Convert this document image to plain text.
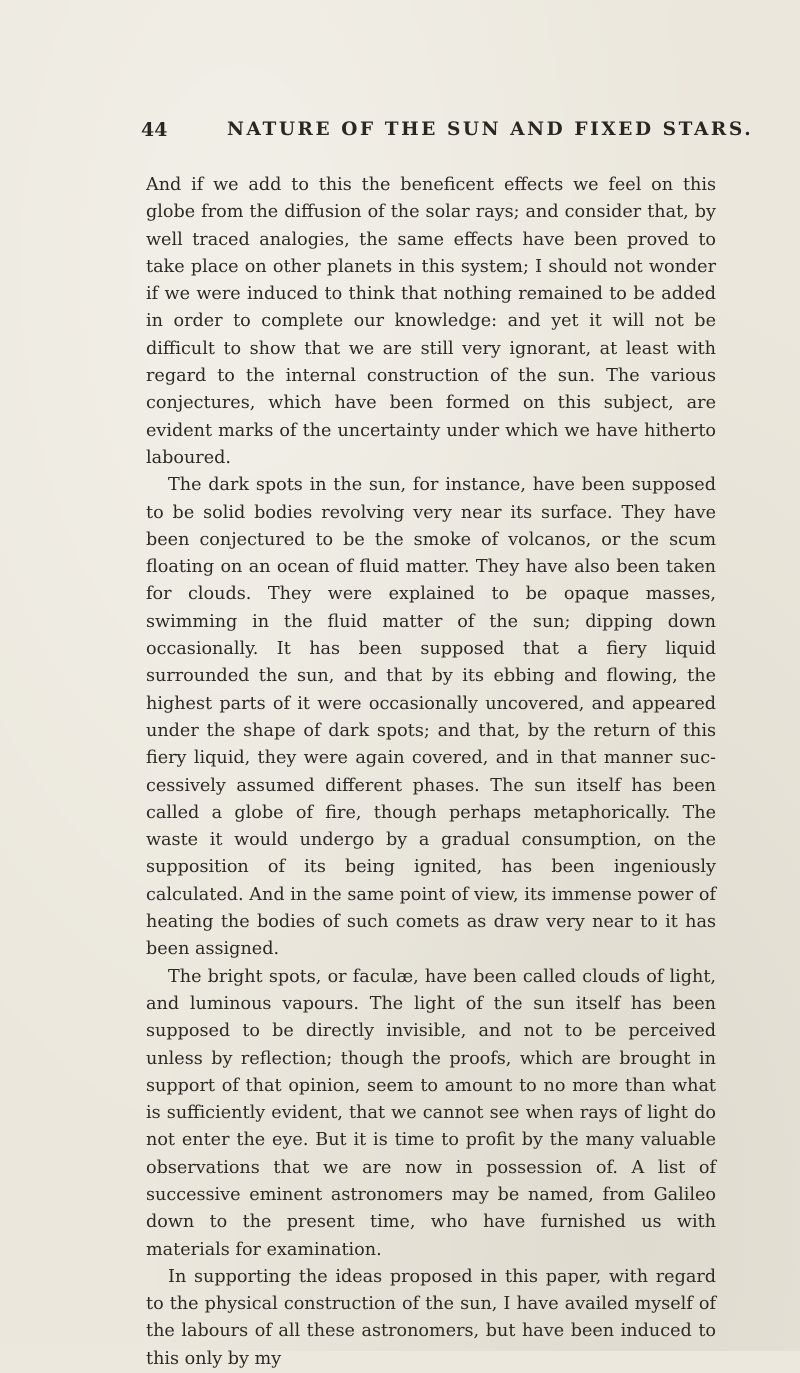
44	NATURE OF THE SUN AND FIXED STARS.

And if we add to this the beneficent effects we feel on this globe from the diffusion of the solar rays; and consider that, by well traced analogies, the same effects have been proved to take place on other planets in this system; I should not wonder if we were induced to think that nothing remained to be added in order to complete our knowledge: and yet it will not be difficult to show that we are still very ignorant, at least with regard to the internal construction of the sun. The various conjectures, which have been formed on this subject, are evident marks of the uncertainty under which we have hitherto laboured.

The dark spots in the sun, for instance, have been supposed to be solid bodies revolving very near its surface. They have been conjectured to be the smoke of volcanos, or the scum floating on an ocean of fluid matter. They have also been taken for clouds. They were explained to be opaque masses, swimming in the fluid matter of the sun; dipping down occasionally. It has been supposed that a fiery liquid surrounded the sun, and that by its ebbing and flowing, the highest parts of it were occasionally uncovered, and appeared under the shape of dark spots; and that, by the return of this fiery liquid, they were again covered, and in that manner successively assumed different phases. The sun itself has been called a globe of fire, though perhaps metaphorically. The waste it would undergo by a gradual consumption, on the supposition of its being ignited, has been ingeniously calculated. And in the same point of view, its immense power of heating the bodies of such comets as draw very near to it has been assigned.

The bright spots, or faculæ, have been called clouds of light, and luminous vapours. The light of the sun itself has been supposed to be directly invisible, and not to be perceived unless by reflection; though the proofs, which are brought in support of that opinion, seem to amount to no more than what is sufficiently evident, that we cannot see when rays of light do not enter the eye. But it is time to profit by the many valuable observations that we are now in possession of. A list of successive eminent astronomers may be named, from Galileo down to the present time, who have furnished us with materials for examination.

In supporting the ideas proposed in this paper, with regard to the physical construction of the sun, I have availed myself of the labours of all these astronomers, but have been induced to this only by my
